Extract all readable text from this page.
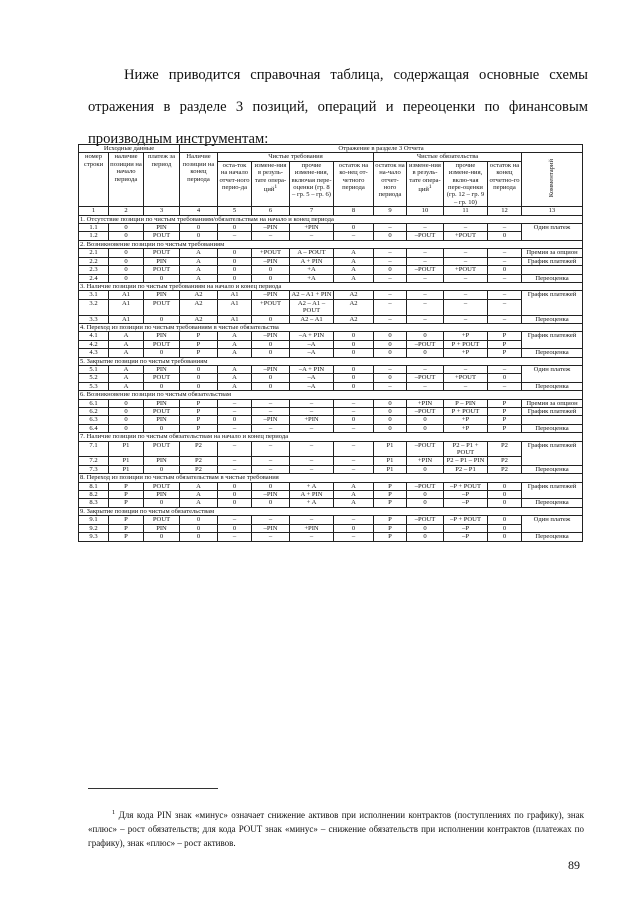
Ниже приводится справочная таблица, содержащая основные схемы отражения в разделе 3 позиций, операций и переоценки по финансовым производным инструментам:

Исходные данные			Отражение в разделе 3 Отчета									
номер строки	наличие позиции на начало периода	платеж за период	Наличие позиции на конец периода	Чистые требования				Чистые обязательства				Комментарий
				оста-ток на начало отчет-ного перио-да	измене-ния в резуль-тате опера-ций$^1$	прочие измене-ния, включая пере-оценки (гр. 8 – гр. 5 – гр. 6)	остаток на ко-нец от-четного периода	остаток на на-чало отчет-ного периода	измене-ния в резуль-тате опера-ций$^1$	прочие измене-ния, вклю-чая пере-оценки (гр. 12 – гр. 9 – гр. 10)	остаток на конец отчетно-го периода	
1	2	3	4	5	6	7	8	9	10	11	12	13
1. Отсутствие позиции по чистым требованиям/обязательствам на начало и конец периода												
1.1	0	PIN	0	0	–PIN	+PIN	0	–	–	–	–	Один платеж
1.2	0	POUT	0	–	–	–	–	0	–POUT	+POUT	0	
2. Возникновение позиции по чистым требованиям												
2.1	0	POUT	A	0	+POUT	A – POUT	A	–	–	–	–	Премия за опцион
2.2	0	PIN	A	0	–PIN	A + PIN	A	–	–	–	–	График платежей
2.3	0	POUT	A	0	0	+A	A	0	–POUT	+POUT	0	
2.4	0	0	A	0	0	+A	A	–	–	–	–	Переоценка
3. Наличие позиции по чистым требованиям на начало и конец периода												
3.1	A1	PIN	A2	A1	–PIN	A2 – A1 + PIN	A2	–	–	–	–	График платежей
3.2	A1	POUT	A2	A1	+POUT	A2 – A1 – POUT	A2	–	–	–	–	
3.3	A1	0	A2	A1	0	A2 – A1	A2	–	–	–	–	Переоценка
4. Переход из позиции по чистым требованиям в чистые обязательства												
4.1	A	PIN	P	A	–PIN	–A + PIN	0	0	0	+P	P	График платежей
4.2	A	POUT	P	A	0	–A	0	0	–POUT	P + POUT	P	
4.3	A	0	P	A	0	–A	0	0	0	+P	P	Переоценка
5. Закрытие позиции по чистым требованиям												
5.1	A	PIN	0	A	–PIN	–A + PIN	0	–	–	–	–	Один платеж
5.2	A	POUT	0	A	0	–A	0	0	–POUT	+POUT	0	
5.3	A	0	0	A	0	–A	0	–	–	–	–	Переоценка
6. Возникновение позиции по чистым обязательствам												
6.1	0	PIN	P	–	–	–	–	0	+PIN	P – PIN	P	Премия за опцион
6.2	0	POUT	P	–	–	–	–	0	–POUT	P + POUT	P	График платежей
6.3	0	PIN	P	0	–PIN	+PIN	0	0	0	+P	P	
6.4	0	0	P	–	–	–	–	0	0	+P	P	Переоценка
7. Наличие позиции по чистым обязательствам на начало и конец периода												
7.1	P1	POUT	P2	–	–	–	–	P1	–POUT	P2 – P1 + POUT	P2	График платежей
7.2	P1	PIN	P2	–	–	–	–	P1	+PIN	P2 – P1 – PIN	P2	
7.3	P1	0	P2	–	–	–	–	P1	0	P2 – P1	P2	Переоценка
8. Переход из позиции по чистым обязательствам в чистые требования												
8.1	P	POUT	A	0	0	+ A	A	P	–POUT	–P + POUT	0	График платежей
8.2	P	PIN	A	0	–PIN	A + PIN	A	P	0	–P	0	
8.3	P	0	A	0	0	+ A	A	P	0	–P	0	Переоценка
9. Закрытие позиции по чистым обязательствам												
9.1	P	POUT	0	–	–	–	–	P	–POUT	–P + POUT	0	Один платеж
9.2	P	PIN	0	0	–PIN	+PIN	0	P	0	–P	0	
9.3	P	0	0	–	–	–	–	P	0	–P	0	Переоценка

$^1$ Для кода PIN знак «минус» означает снижение активов при исполнении контрактов (поступлениях по графику), знак «плюс» – рост обязательств; для кода POUT знак «минус» – снижение обязательств при исполнении контрактов (платежах по графику), знак «плюс» – рост активов.

89
